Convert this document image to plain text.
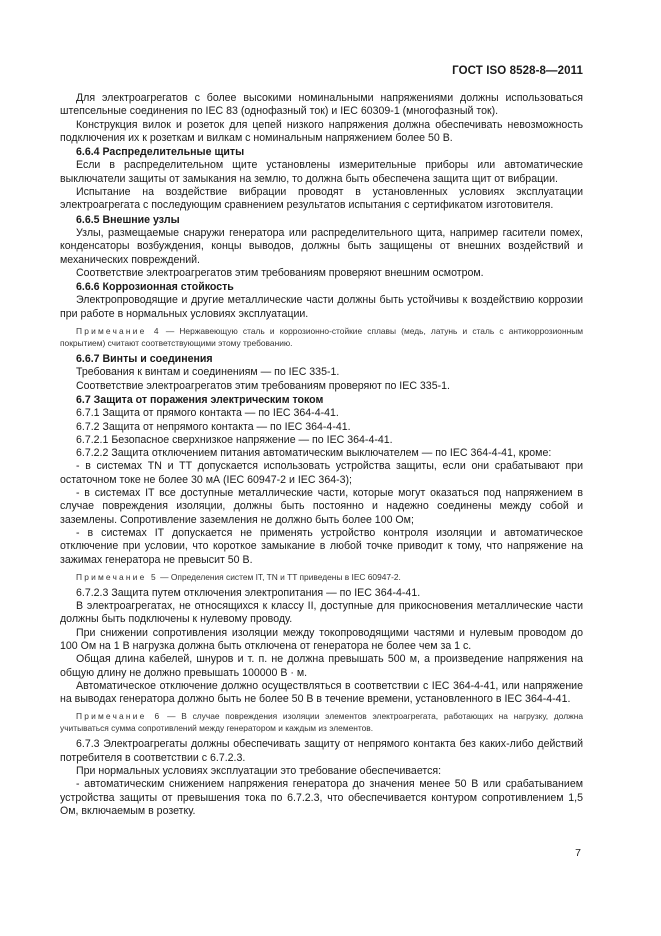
ГОСТ ISO 8528-8—2011
Для электроагрегатов с более высокими номинальными напряжениями должны использоваться штепсельные соединения по IEC 83 (однофазный ток) и IEC 60309-1 (многофазный ток).
Конструкция вилок и розеток для цепей низкого напряжения должна обеспечивать невозможность подключения их к розеткам и вилкам с номинальным напряжением более 50 В.
6.6.4 Распределительные щиты
Если в распределительном щите установлены измерительные приборы или автоматические выключатели защиты от замыкания на землю, то должна быть обеспечена защита щит от вибрации.
Испытание на воздействие вибрации проводят в установленных условиях эксплуатации электроагрегата с последующим сравнением результатов испытания с сертификатом изготовителя.
6.6.5 Внешние узлы
Узлы, размещаемые снаружи генератора или распределительного щита, например гасители помех, конденсаторы возбуждения, концы выводов, должны быть защищены от внешних воздействий и механических повреждений.
Соответствие электроагрегатов этим требованиям проверяют внешним осмотром.
6.6.6 Коррозионная стойкость
Электропроводящие и другие металлические части должны быть устойчивы к воздействию коррозии при работе в нормальных условиях эксплуатации.
Примечание 4 — Нержавеющую сталь и коррозионно-стойкие сплавы (медь, латунь и сталь с антикоррозионным покрытием) считают соответствующими этому требованию.
6.6.7 Винты и соединения
Требования к винтам и соединениям — по IEC 335-1.
Соответствие электроагрегатов этим требованиям проверяют по IEC 335-1.
6.7 Защита от поражения электрическим током
6.7.1 Защита от прямого контакта — по IEC 364-4-41.
6.7.2 Защита от непрямого контакта — по IEC 364-4-41.
6.7.2.1 Безопасное сверхнизкое напряжение — по IEC 364-4-41.
6.7.2.2 Защита отключением питания автоматическим выключателем — по IEC 364-4-41, кроме:
- в системах TN и TT допускается использовать устройства защиты, если они срабатывают при остаточном токе не более 30 мА (IEC 60947-2 и IEC 364-3);
- в системах IT все доступные металлические части, которые могут оказаться под напряжением в случае повреждения изоляции, должны быть постоянно и надежно соединены между собой и заземлены. Сопротивление заземления не должно быть более 100 Ом;
- в системах IT допускается не применять устройство контроля изоляции и автоматическое отключение при условии, что короткое замыкание в любой точке приводит к тому, что напряжение на зажимах генератора не превысит 50 В.
Примечание 5 — Определения систем IT, TN и TT приведены в IEC 60947-2.
6.7.2.3 Защита путем отключения электропитания — по IEC 364-4-41.
В электроагрегатах, не относящихся к классу II, доступные для прикосновения металлические части должны быть подключены к нулевому проводу.
При снижении сопротивления изоляции между токопроводящими частями и нулевым проводом до 100 Ом на 1 В нагрузка должна быть отключена от генератора не более чем за 1 с.
Общая длина кабелей, шнуров и т. п. не должна превышать 500 м, а произведение напряжения на общую длину не должно превышать 100000 В · м.
Автоматическое отключение должно осуществляться в соответствии с IEC 364-4-41, или напряжение на выводах генератора должно быть не более 50 В в течение времени, установленного в IEC 364-4-41.
Примечание 6 — В случае повреждения изоляции элементов электроагрегата, работающих на нагрузку, должна учитываться сумма сопротивлений между генератором и каждым из элементов.
6.7.3 Электроагрегаты должны обеспечивать защиту от непрямого контакта без каких-либо действий потребителя в соответствии с 6.7.2.3.
При нормальных условиях эксплуатации это требование обеспечивается:
- автоматическим снижением напряжения генератора до значения менее 50 В или срабатыванием устройства защиты от превышения тока по 6.7.2.3, что обеспечивается контуром сопротивлением 1,5 Ом, включаемым в розетку.
7
